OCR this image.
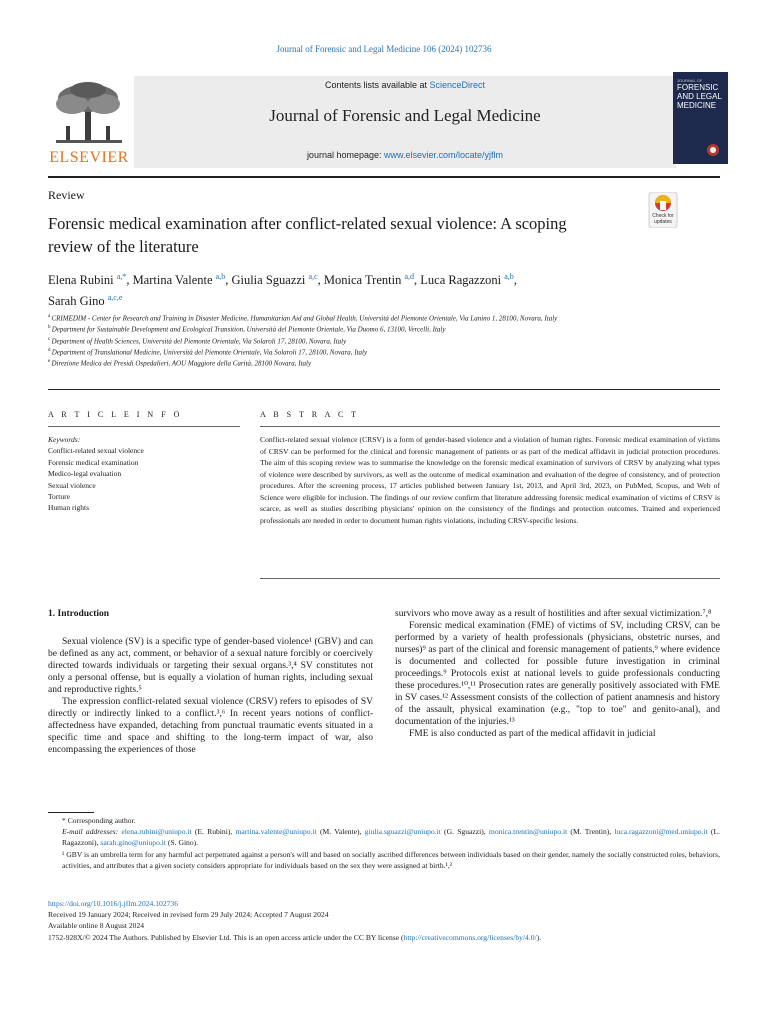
Journal of Forensic and Legal Medicine 106 (2024) 102736
ELSEVIER
Contents lists available at ScienceDirect
Journal of Forensic and Legal Medicine
journal homepage: www.elsevier.com/locate/yjflm
JOURNAL OF
FORENSIC
AND LEGAL
MEDICINE
Review
Forensic medical examination after conflict-related sexual violence: A scoping review of the literature
Check for
updates
Elena Rubini $^{a,*}$, Martina Valente $^{a,b}$, Giulia Sguazzi $^{a,c}$, Monica Trentin $^{a,d}$, Luca Ragazzoni $^{a,b}$,
Sarah Gino $^{a,c,e}$
$^a$ CRIMEDIM - Center for Research and Training in Disaster Medicine, Humanitarian Aid and Global Health, Università del Piemonte Orientale, Via Lanino 1, 28100, Novara, Italy
$^b$ Department for Sustainable Development and Ecological Transition, Università del Piemonte Orientale, Via Duomo 6, 13100, Vercelli, Italy
$^c$ Department of Health Sciences, Università del Piemonte Orientale, Via Solaroli 17, 28100, Novara, Italy
$^d$ Department of Translational Medicine, Università del Piemonte Orientale, Via Solaroli 17, 28100, Novara, Italy
$^e$ Direzione Medica dei Presidi Ospedalieri, AOU Maggiore della Carità, 28100 Novara, Italy
A R T I C L E I N F O
Keywords:
Conflict-related sexual violence
Forensic medical examination
Medico-legal evaluation
Sexual violence
Torture
Human rights
A B S T R A C T
Conflict-related sexual violence (CRSV) is a form of gender-based violence and a violation of human rights. Forensic medical examination of victims of CRSV can be performed for the clinical and forensic management of patients or as part of the medical affidavit in judicial protection procedures. The aim of this scoping review was to summarise the knowledge on the forensic medical examination of survivors of CRSV by analyzing what types of violence were described by survivors, as well as the outcome of medical examination and evaluation of the degree of consistency, and of protection procedures. After the screening process, 17 articles published between January 1st, 2013, and April 3rd, 2023, on PubMed, Scopus, and Web of Science were eligible for inclusion. The findings of our review confirm that literature addressing forensic medical examination of victims of CRSV is scarce, as well as studies describing physicians' opinion on the consistency of the findings and protection outcomes. Trained and experienced professionals are needed in order to document human rights violations, including CRSV-specific lesions.
1. Introduction

Sexual violence (SV) is a specific type of gender-based violence¹ (GBV) and can be defined as any act, comment, or behavior of a sexual nature forcibly or coercively directed towards individuals or targeting their sexual organs.³,⁴ SV constitutes not only a personal offense, but is equally a violation of human rights, including sexual and reproductive rights.⁵

The expression conflict-related sexual violence (CRSV) refers to episodes of SV directly or indirectly linked to a conflict.³,⁶ In recent years notions of conflict-affectedness have expanded, detaching from punctual traumatic events situated in a specific time and space and shifting to the long-term impact of war, also encompassing the experiences of those

survivors who move away as a result of hostilities and after sexual victimization.⁷,⁸

Forensic medical examination (FME) of victims of SV, including CRSV, can be performed by a variety of health professionals (physicians, obstetric nurses, and nurses)⁹ as part of the clinical and forensic management of patients,⁹ where evidence is documented and collected for possible future investigation in criminal proceedings.⁹ Protocols exist at national levels to guide professionals conducting these procedures.¹⁰,¹¹ Prosecution rates are generally positively associated with FME in SV cases.¹² Assessment consists of the collection of patient anamnesis and history of the assault, physical examination (e.g., "top to toe" and genito-anal), and documentation of the injuries.¹³

FME is also conducted as part of the medical affidavit in judicial

* Corresponding author.

E-mail addresses: elena.rubini@uniupo.it (E. Rubini), martina.valente@uniupo.it (M. Valente), giulia.sguazzi@uniupo.it (G. Sguazzi), monica.trentin@uniupo.it (M. Trentin), luca.ragazzoni@med.uniupo.it (L. Ragazzoni), sarah.gino@uniupo.it (S. Gino).

¹ GBV is an umbrella term for any harmful act perpetrated against a person's will and based on socially ascribed differences between individuals based on their gender, namely the socially constructed roles, behaviors, activities, and attributes that a given society considers appropriate for individuals based on the sex they were assigned at birth.¹,²

https://doi.org/10.1016/j.jflm.2024.102736

Received 19 January 2024; Received in revised form 29 July 2024; Accepted 7 August 2024

Available online 8 August 2024

1752-928X/© 2024 The Authors. Published by Elsevier Ltd. This is an open access article under the CC BY license (http://creativecommons.org/licenses/by/4.0/).
